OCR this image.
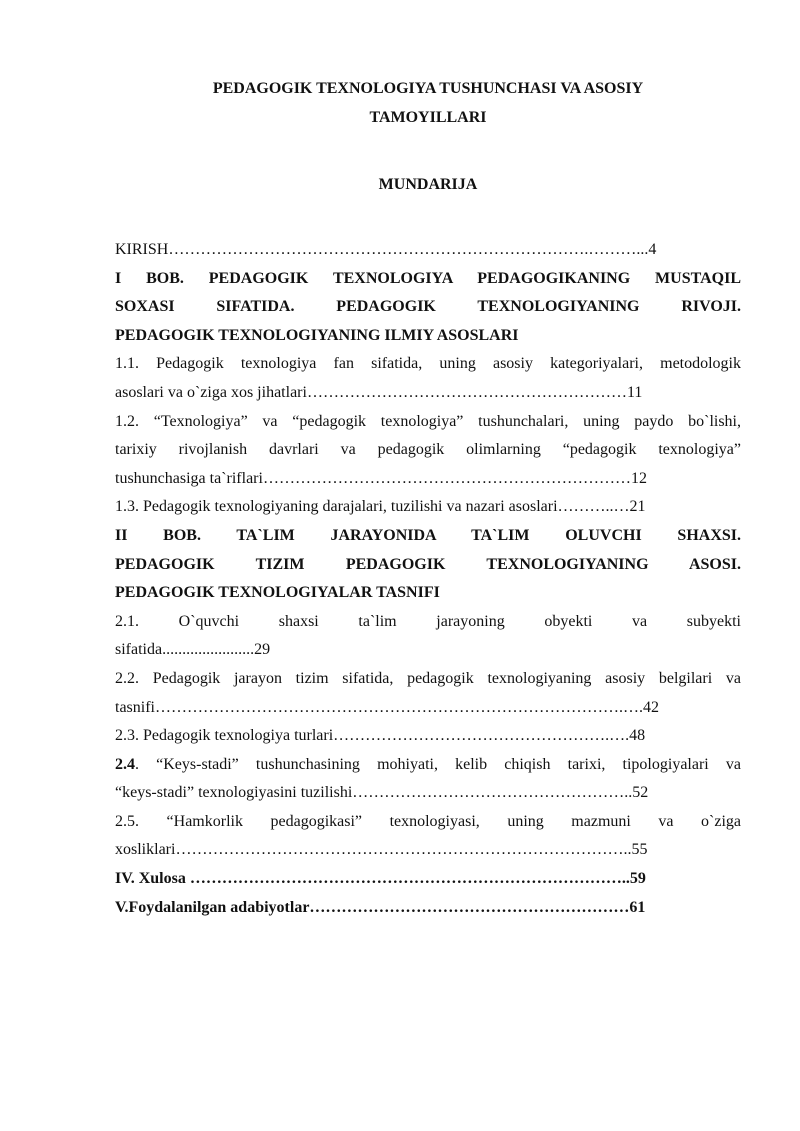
PEDAGOGIK TEXNOLOGIYA TUSHUNCHASI VA ASOSIY
TAMOYILLARI
MUNDARIJA
KIRISH…………………………………………………………………….………...4
I BOB. PEDAGOGIK TEXNOLOGIYA PEDAGOGIKANING MUSTAQIL
SOXASI SIFATIDA. PEDAGOGIK TEXNOLOGIYANING RIVOJI.
PEDAGOGIK TEXNOLOGIYANING ILMIY ASOSLARI
1.1. Pedagogik texnologiya fan sifatida, uning asosiy kategoriyalari, metodologik
asoslari va o`ziga xos jihatlari……………………………………………………11
1.2. “Texnologiya” va “pedagogik texnologiya” tushunchalari, uning paydo bo`lishi,
tarixiy rivojlanish davrlari va pedagogik olimlarning “pedagogik texnologiya”
tushunchasiga ta`riflari……………………………………………………………12
1.3. Pedagogik texnologiyaning darajalari, tuzilishi va nazari asoslari………..…21
II BOB. TA`LIM JARAYONIDA TA`LIM OLUVCHI SHAXSI.
PEDAGOGIK TIZIM PEDAGOGIK TEXNOLOGIYANING ASOSI.
PEDAGOGIK TEXNOLOGIYALAR TASNIFI
2.1. O`quvchi shaxsi ta`lim jarayoning obyekti va subyekti
sifatida.......................29
2.2. Pedagogik jarayon tizim sifatida, pedagogik texnologiyaning asosiy belgilari va
tasnifi…………………………………………………………………………….….42
2.3. Pedagogik texnologiya turlari…………………………………………….….48
2.4. “Keys-stadi” tushunchasining mohiyati, kelib chiqish tarixi, tipologiyalari va
“keys-stadi” texnologiyasini tuzilishi……………………………………………..52
2.5. “Hamkorlik pedagogikasi” texnologiyasi, uning mazmuni va o`ziga
xosliklari…………………………………………………………………………..55
IV. Xulosa ………………………………………………………………………..59
V.Foydalanilgan adabiyotlar……………………………………………………61
